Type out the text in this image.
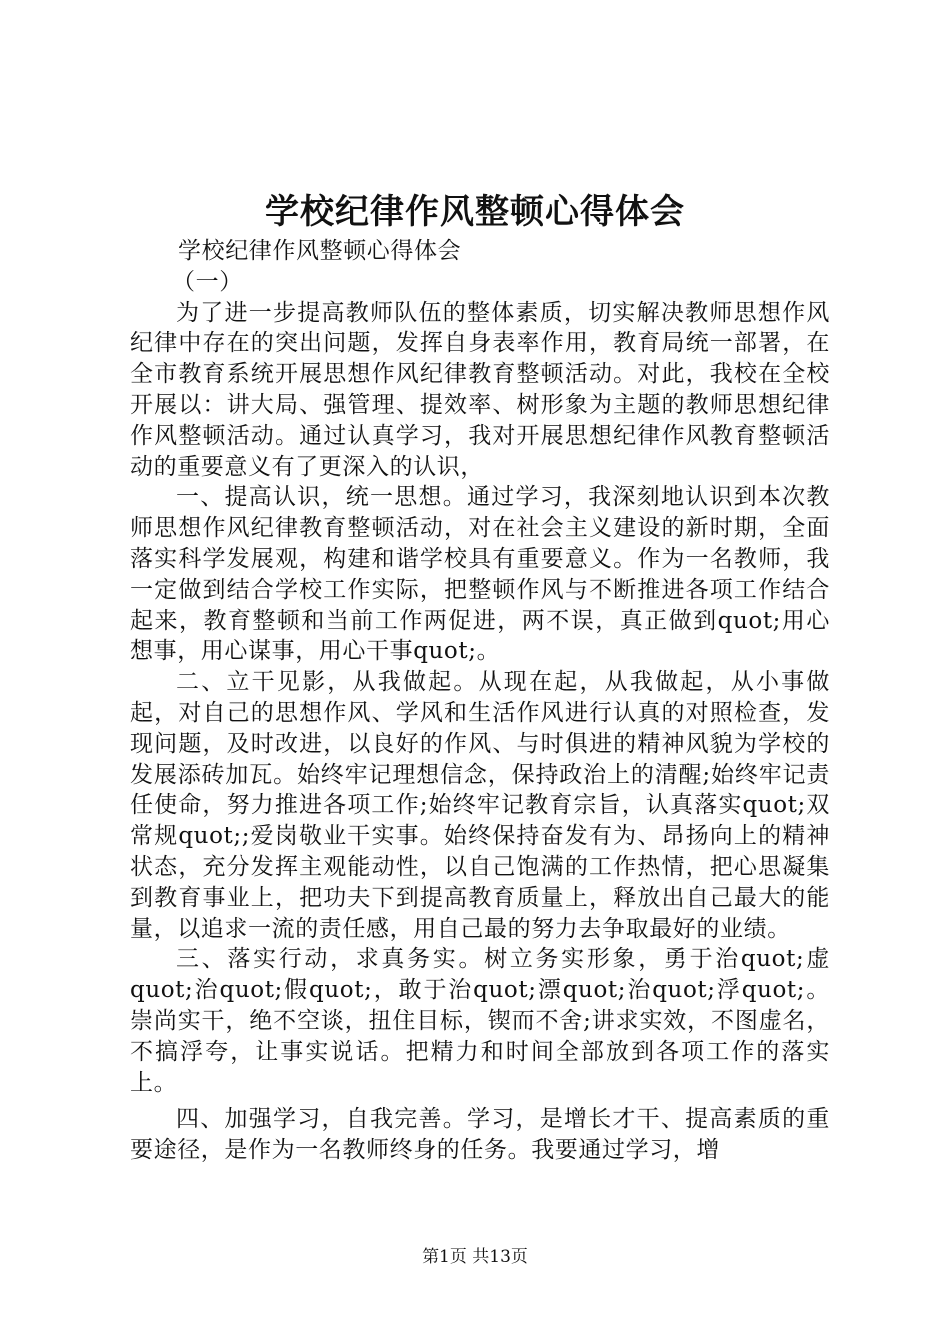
学校纪律作风整顿心得体会

学校纪律作风整顿心得体会

（一）

为了进一步提高教师队伍的整体素质，切实解决教师思想作风纪律中存在的突出问题，发挥自身表率作用，教育局统一部署，在全市教育系统开展思想作风纪律教育整顿活动。对此，我校在全校开展以：讲大局、强管理、提效率、树形象为主题的教师思想纪律作风整顿活动。通过认真学习，我对开展思想纪律作风教育整顿活动的重要意义有了更深入的认识，

一、提高认识，统一思想。通过学习，我深刻地认识到本次教师思想作风纪律教育整顿活动，对在社会主义建设的新时期，全面落实科学发展观，构建和谐学校具有重要意义。作为一名教师，我一定做到结合学校工作实际，把整顿作风与不断推进各项工作结合起来，教育整顿和当前工作两促进，两不误，真正做到quot;用心想事，用心谋事，用心干事quot;。

二、立干见影，从我做起。从现在起，从我做起，从小事做起，对自己的思想作风、学风和生活作风进行认真的对照检查，发现问题，及时改进，以良好的作风、与时俱进的精神风貌为学校的发展添砖加瓦。始终牢记理想信念，保持政治上的清醒;始终牢记责任使命，努力推进各项工作;始终牢记教育宗旨，认真落实quot;双常规quot;;爱岗敬业干实事。始终保持奋发有为、昂扬向上的精神状态，充分发挥主观能动性，以自己饱满的工作热情，把心思凝集到教育事业上，把功夫下到提高教育质量上，释放出自己最大的能量，以追求一流的责任感，用自己最的努力去争取最好的业绩。

三、落实行动，求真务实。树立务实形象，勇于治quot;虚quot;治quot;假quot;，敢于治quot;漂quot;治quot;浮quot;。崇尚实干，绝不空谈，扭住目标，锲而不舍;讲求实效，不图虚名，不搞浮夸，让事实说话。把精力和时间全部放到各项工作的落实上。

四、加强学习，自我完善。学习，是增长才干、提高素质的重要途径，是作为一名教师终身的任务。我要通过学习，增

第1页 共13页
